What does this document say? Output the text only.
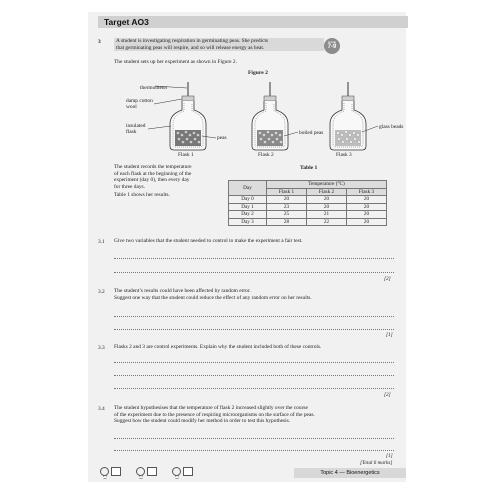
Target AO3
3	A student is investigating respiration in germinating peas. She predicts
that germinating peas will respire, and so will release energy as heat.
Grade
7-9
The student sets up her experiment as shown in Figure 2.
Figure 2
thermometer
damp cotton
wool
insulated
flask
peas
boiled peas
glass beads
Flask 1	Flask 2	Flask 3
The student records the temperature
of each flask at the beginning of the
experiment (day 0), then every day
for three days.
Table 1 shows her results.
Table 1
Day	Temperature (°C)		
	Flask 1	Flask 2	Flask 3
Day 0	20	20	20
Day 1	23	20	20
Day 2	25	21	20
Day 3	28	22	20
3.1 Give two variables that the student needed to control to make the experiment a fair test.
[2]
3.2 The student’s results could have been affected by random error.
Suggest one way that the student could reduce the effect of any random error on her results.
[1]
3.3 Flasks 2 and 3 are control experiments. Explain why the student included both of these controls.
[2]
3.4 The student hypothesises that the temperature of flask 2 increased slightly over the course
of the experiment due to the presence of respiring microorganisms on the surface of the peas.
Suggest how the student could modify her method in order to test this hypothesis.
[1]
[Total 6 marks]
Topic 4 — Bioenergetics
